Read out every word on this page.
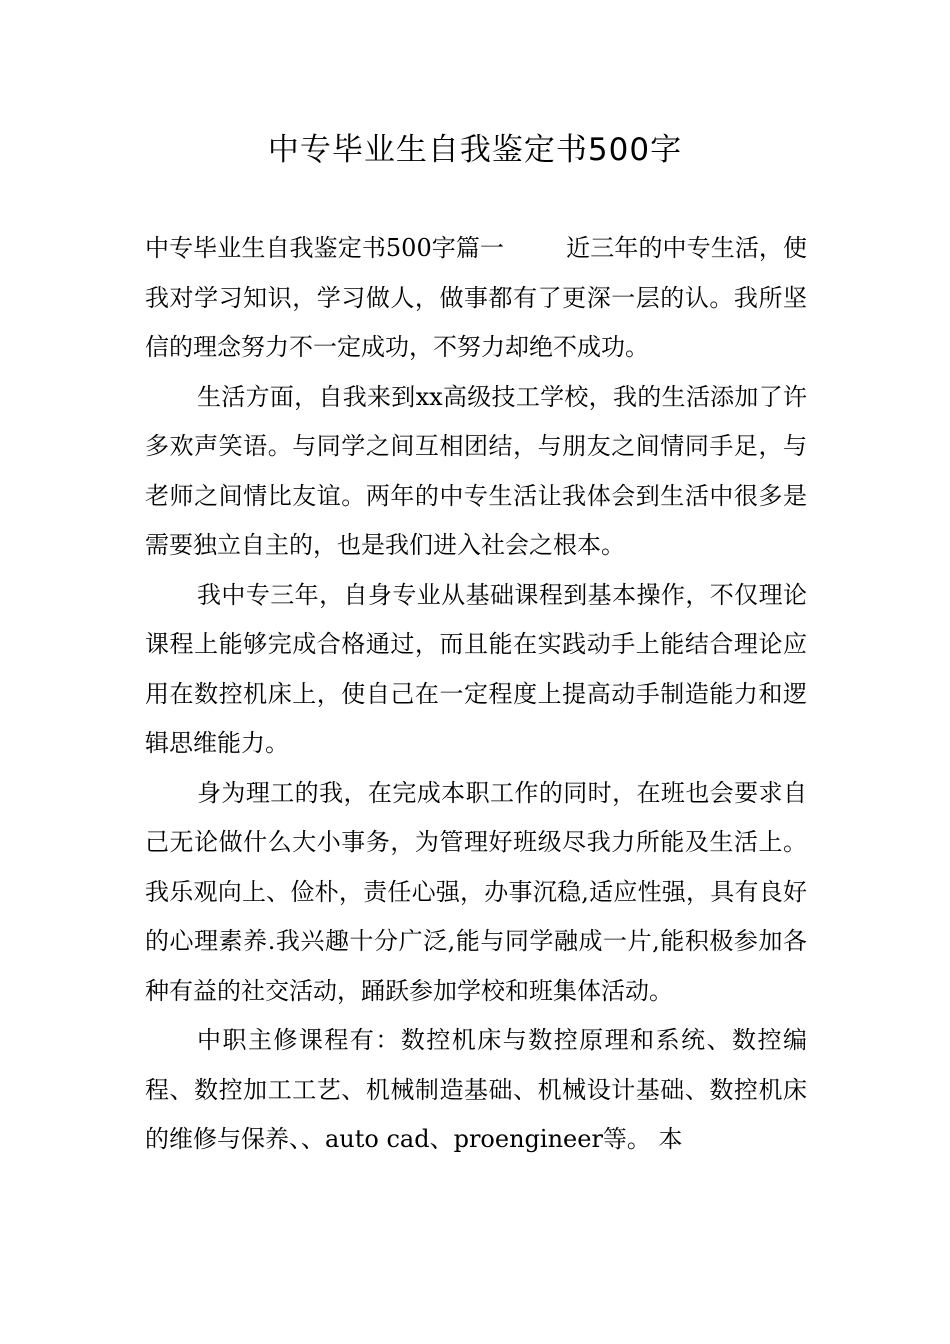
中专毕业生自我鉴定书500字

中专毕业生自我鉴定书500字篇一	近三年的中专生活，使我对学习知识，学习做人，做事都有了更深一层的认。我所坚信的理念努力不一定成功，不努力却绝不成功。

生活方面，自我来到xx高级技工学校，我的生活添加了许多欢声笑语。与同学之间互相团结，与朋友之间情同手足，与老师之间情比友谊。两年的中专生活让我体会到生活中很多是需要独立自主的，也是我们进入社会之根本。

我中专三年，自身专业从基础课程到基本操作，不仅理论课程上能够完成合格通过，而且能在实践动手上能结合理论应用在数控机床上，使自己在一定程度上提高动手制造能力和逻辑思维能力。

身为理工的我，在完成本职工作的同时，在班也会要求自己无论做什么大小事务，为管理好班级尽我力所能及生活上。我乐观向上、俭朴，责任心强，办事沉稳,适应性强，具有良好的心理素养.我兴趣十分广泛,能与同学融成一片,能积极参加各种有益的社交活动，踊跃参加学校和班集体活动。

中职主修课程有：数控机床与数控原理和系统、数控编程、数控加工工艺、机械制造基础、机械设计基础、数控机床的维修与保养、、auto cad、proengineer等。 本
